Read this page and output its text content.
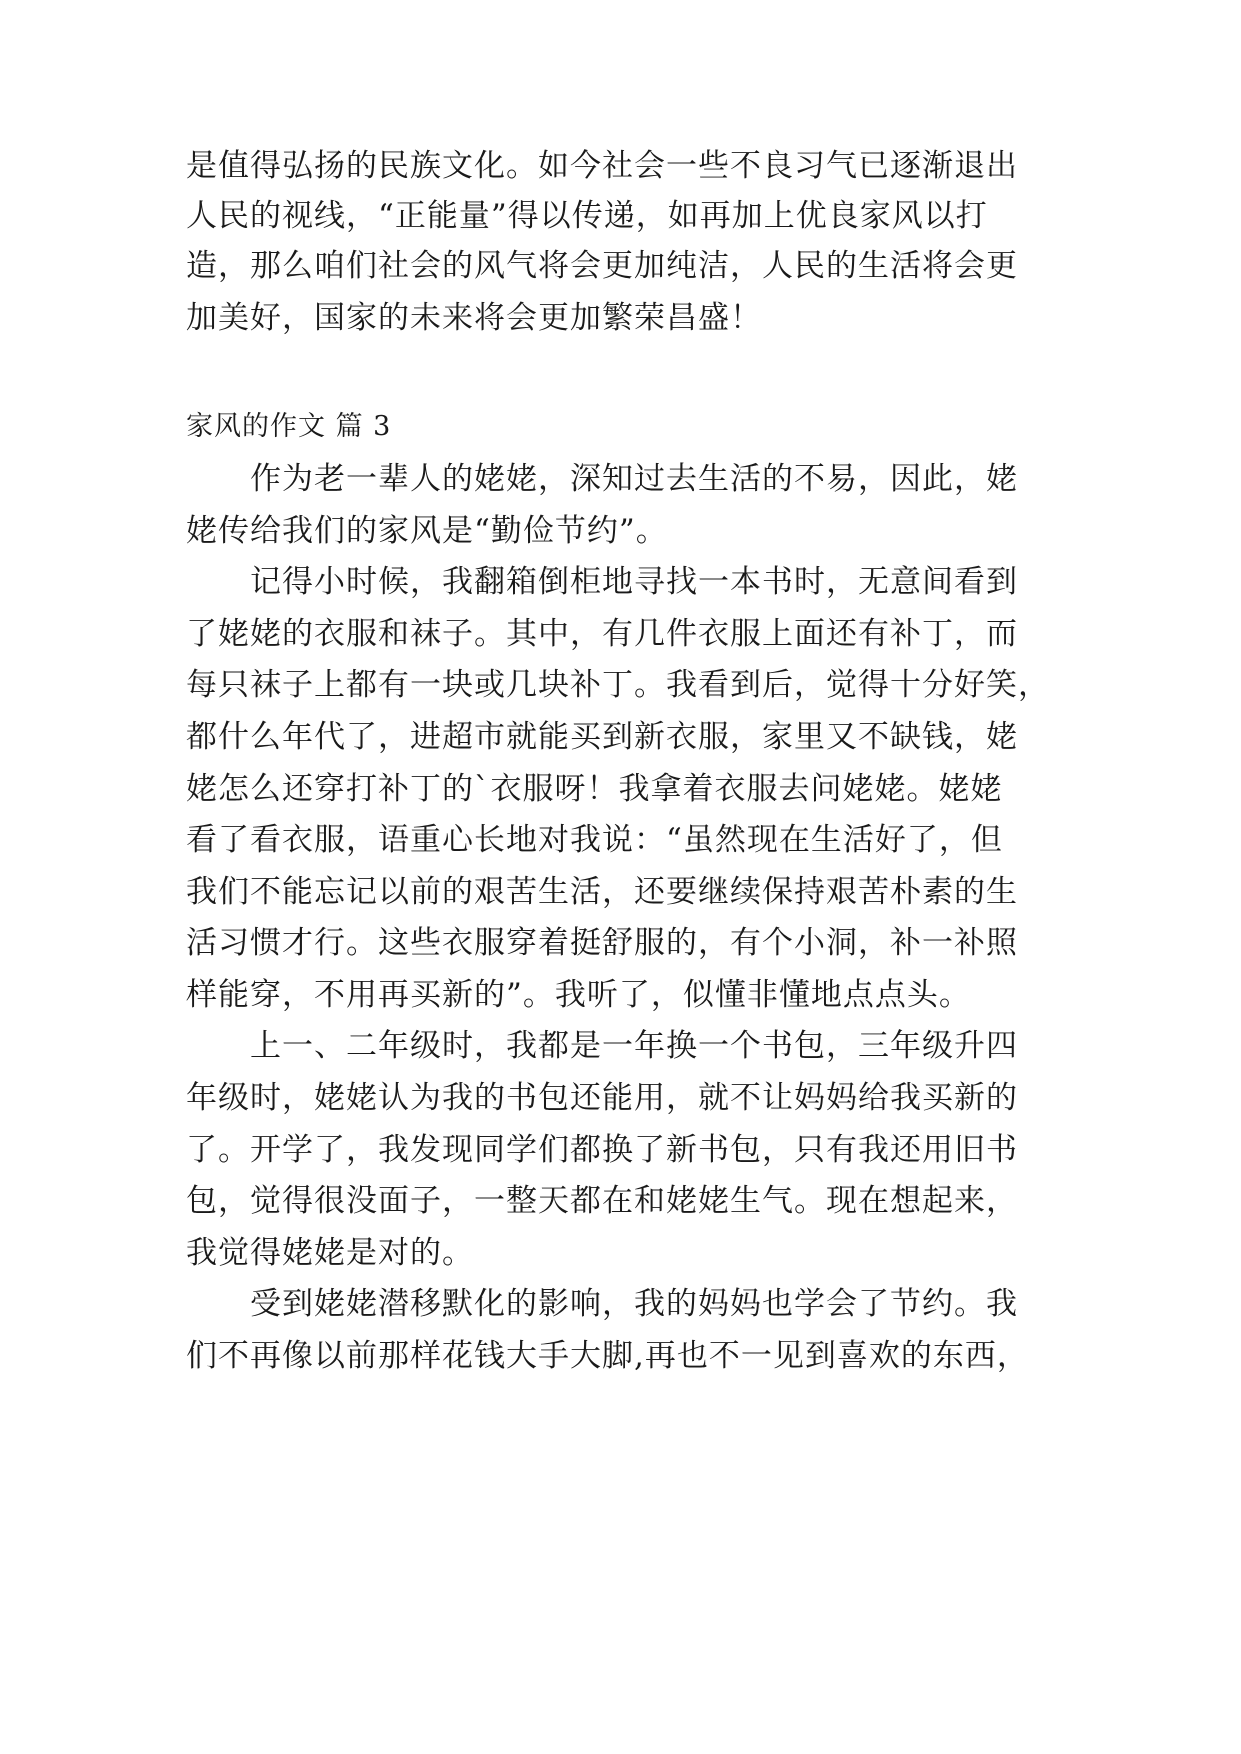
是值得弘扬的民族文化。如今社会一些不良习气已逐渐退出
人民的视线，“正能量”得以传递，如再加上优良家风以打
造，那么咱们社会的风气将会更加纯洁，人民的生活将会更
加美好，国家的未来将会更加繁荣昌盛！
家风的作文 篇 3
　　作为老一辈人的姥姥，深知过去生活的不易，因此，姥
姥传给我们的家风是“勤俭节约”。
　　记得小时候，我翻箱倒柜地寻找一本书时，无意间看到
了姥姥的衣服和袜子。其中，有几件衣服上面还有补丁，而
每只袜子上都有一块或几块补丁。我看到后，觉得十分好笑，
都什么年代了，进超市就能买到新衣服，家里又不缺钱，姥
姥怎么还穿打补丁的`衣服呀！我拿着衣服去问姥姥。姥姥
看了看衣服，语重心长地对我说：“虽然现在生活好了，但
我们不能忘记以前的艰苦生活，还要继续保持艰苦朴素的生
活习惯才行。这些衣服穿着挺舒服的，有个小洞，补一补照
样能穿，不用再买新的”。我听了，似懂非懂地点点头。
　　上一、二年级时，我都是一年换一个书包，三年级升四
年级时，姥姥认为我的书包还能用，就不让妈妈给我买新的
了。开学了，我发现同学们都换了新书包，只有我还用旧书
包，觉得很没面子，一整天都在和姥姥生气。现在想起来，
我觉得姥姥是对的。
　　受到姥姥潜移默化的影响，我的妈妈也学会了节约。我
们不再像以前那样花钱大手大脚,再也不一见到喜欢的东西，
